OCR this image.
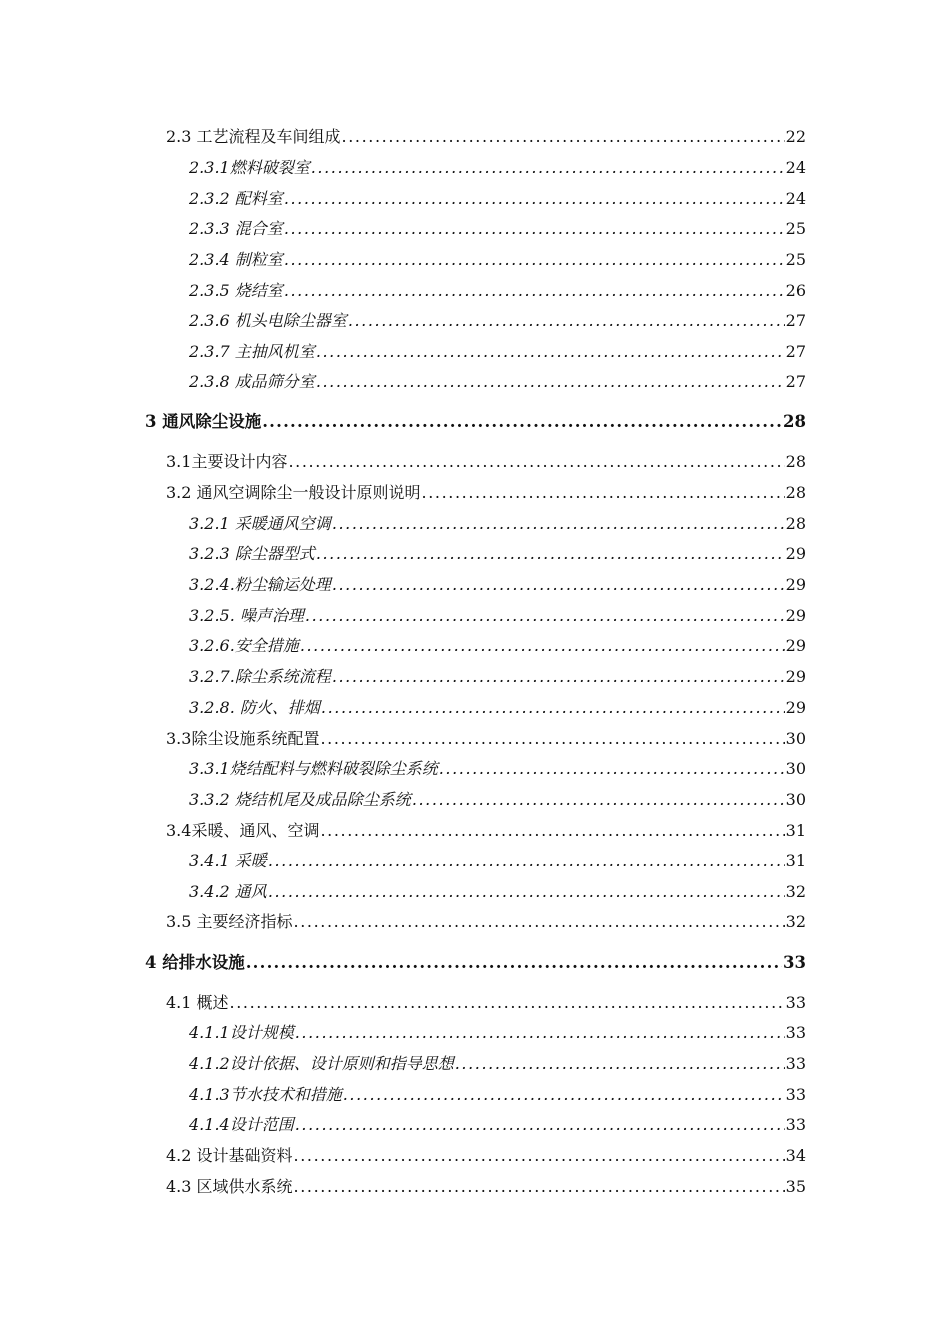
2.3 工艺流程及车间组成 .....	22
2.3.1燃料破裂室 .....	24
2.3.2 配料室 .....	24
2.3.3 混合室 .....	25
2.3.4 制粒室 .....	25
2.3.5 烧结室 .....	26
2.3.6 机头电除尘器室 .....	27
2.3.7 主抽风机室 .....	27
2.3.8 成品筛分室 .....	27
3 通风除尘设施 .....	28
3.1主要设计内容 .....	28
3.2 通风空调除尘一般设计原则说明 .....	28
3.2.1 采暖通风空调 .....	28
3.2.3 除尘器型式 .....	29
3.2.4.粉尘输运处理 .....	29
3.2.5. 噪声治理 .....	29
3.2.6.安全措施 .....	29
3.2.7.除尘系统流程 .....	29
3.2.8. 防火、排烟 .....	29
3.3除尘设施系统配置 .....	30
3.3.1烧结配料与燃料破裂除尘系统 .....	30
3.3.2 烧结机尾及成品除尘系统 .....	30
3.4采暖、通风、空调 .....	31
3.4.1 采暖 .....	31
3.4.2 通风 .....	32
3.5 主要经济指标 .....	32
4 给排水设施 .....	33
4.1 概述 .....	33
4.1.1设计规模 .....	33
4.1.2设计依据、设计原则和指导思想 .....	33
4.1.3节水技术和措施 .....	33
4.1.4设计范围 .....	33
4.2 设计基础资料 .....	34
4.3 区域供水系统 .....	35
